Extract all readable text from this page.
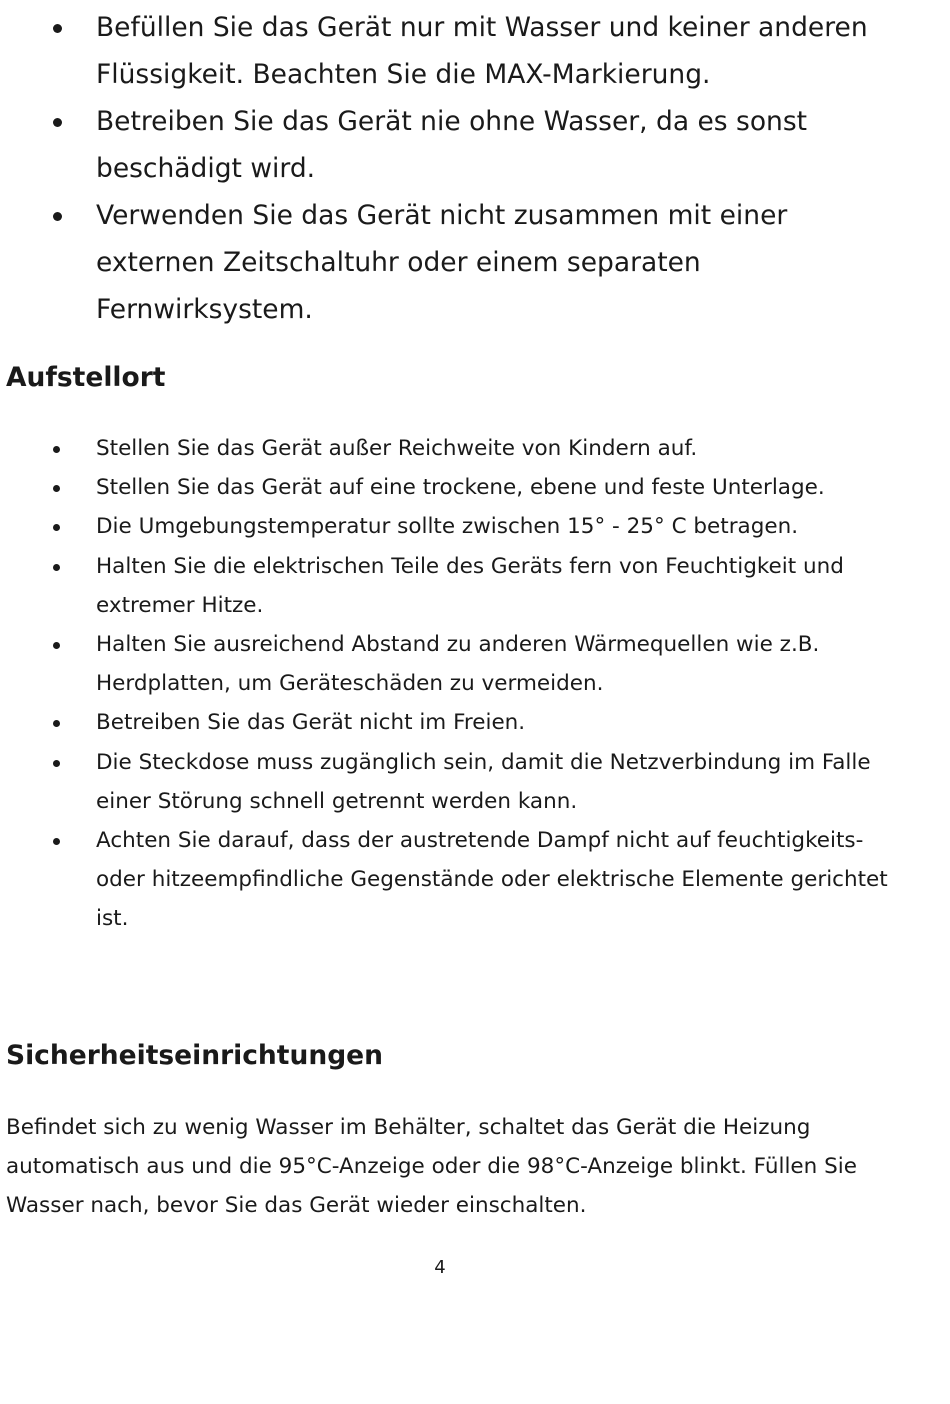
Befüllen Sie das Gerät nur mit Wasser und keiner anderen Flüssigkeit. Beachten Sie die MAX-Markierung.
Betreiben Sie das Gerät nie ohne Wasser, da es sonst beschädigt wird.
Verwenden Sie das Gerät nicht zusammen mit einer externen Zeitschaltuhr oder einem separaten Fernwirksystem.
Aufstellort
Stellen Sie das Gerät außer Reichweite von Kindern auf.
Stellen Sie das Gerät auf eine trockene, ebene und feste Unterlage.
Die Umgebungstemperatur sollte zwischen 15° - 25° C betragen.
Halten Sie die elektrischen Teile des Geräts fern von Feuchtigkeit und extremer Hitze.
Halten Sie ausreichend Abstand zu anderen Wärmequellen wie z.B. Herdplatten, um Geräteschäden zu vermeiden.
Betreiben Sie das Gerät nicht im Freien.
Die Steckdose muss zugänglich sein, damit die Netzverbindung im Falle einer Störung schnell getrennt werden kann.
Achten Sie darauf, dass der austretende Dampf nicht auf feuchtigkeits- oder hitzeempfindliche Gegenstände oder elektrische Elemente gerichtet ist.
Sicherheitseinrichtungen

Befindet sich zu wenig Wasser im Behälter, schaltet das Gerät die Heizung automatisch aus und die 95°C-Anzeige oder die 98°C-Anzeige blinkt. Füllen Sie Wasser nach, bevor Sie das Gerät wieder einschalten.

4
